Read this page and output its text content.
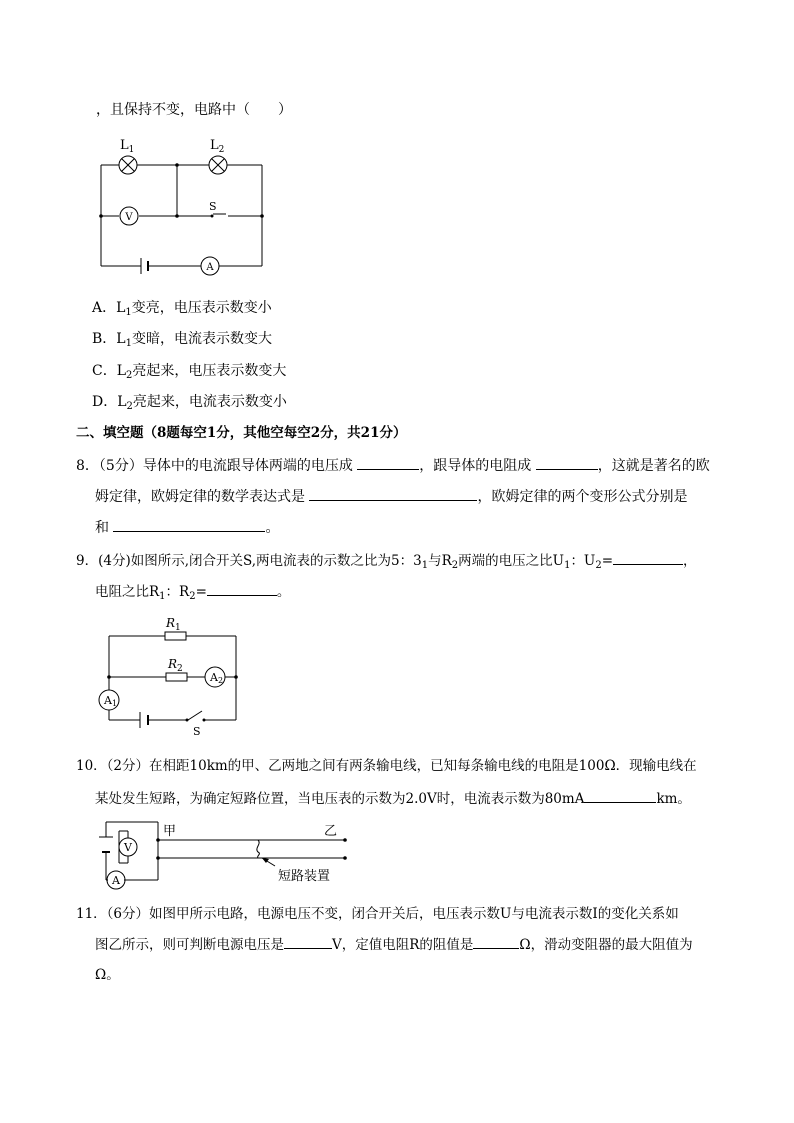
，且保持不变，电路中（　　）
$L_1$	$L_2$
V
A
S
A．$L_1$变亮，电压表示数变小
B．$L_1$变暗，电流表示数变大
C．$L_2$亮起来，电压表示数变大
D．$L_2$亮起来，电流表示数变小
二、填空题（8题每空1分，其他空每空2分，共21分）
8．（5分）导体中的电流跟导体两端的电压成	，跟导体的电阻成	，这就是著名的欧
姆定律，欧姆定律的数学表达式是	，欧姆定律的两个变形公式分别是
和	。
9．(4分)如图所示,闭合开关S,两电流表的示数之比为5：$3_1$与$R_2$两端的电压之比$U_1$：$U_2=$	，
电阻之比$R_1$：$R_2=$	。
$R_1$
$R_2$
A1
A2
S
10．（2分）在相距10km的甲、乙两地之间有两条输电线，已知每条输电线的电阻是100Ω．现输电线在
某处发生短路，为确定短路位置，当电压表的示数为2.0V时，电流表示数为80mA	km。
V
A
甲	乙
短路装置
11．（6分）如图甲所示电路，电源电压不变，闭合开关后，电压表示数U与电流表示数I的变化关系如
图乙所示，则可判断电源电压是	V，定值电阻R的阻值是	Ω，滑动变阻器的最大阻值为
Ω。
